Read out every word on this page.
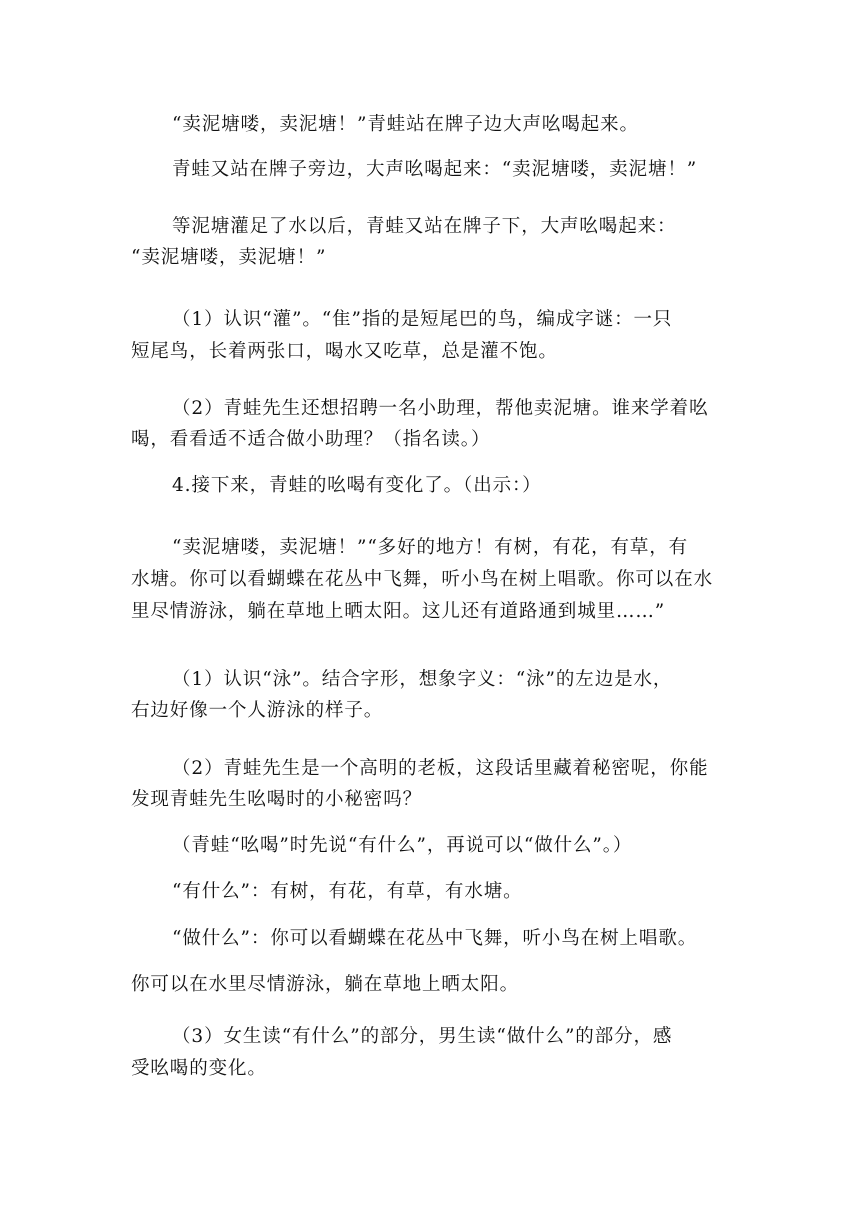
“卖泥塘喽，卖泥塘！”青蛙站在牌子边大声吆喝起来。
青蛙又站在牌子旁边，大声吆喝起来：“卖泥塘喽，卖泥塘！”
等泥塘灌足了水以后，青蛙又站在牌子下，大声吆喝起来：
“卖泥塘喽，卖泥塘！”
（1）认识“灌”。“隹”指的是短尾巴的鸟，编成字谜：一只
短尾鸟，长着两张口，喝水又吃草，总是灌不饱。
（2）青蛙先生还想招聘一名小助理，帮他卖泥塘。谁来学着吆
喝，看看适不适合做小助理？（指名读。）
4.接下来，青蛙的吆喝有变化了。（出示：）
“卖泥塘喽，卖泥塘！”“多好的地方！有树，有花，有草，有
水塘。你可以看蝴蝶在花丛中飞舞，听小鸟在树上唱歌。你可以在水
里尽情游泳，躺在草地上晒太阳。这儿还有道路通到城里……”
（1）认识“泳”。结合字形，想象字义：“泳”的左边是水，
右边好像一个人游泳的样子。
（2）青蛙先生是一个高明的老板，这段话里藏着秘密呢，你能
发现青蛙先生吆喝时的小秘密吗？
（青蛙“吆喝”时先说“有什么”，再说可以“做什么”。）
“有什么”：有树，有花，有草，有水塘。
“做什么”：你可以看蝴蝶在花丛中飞舞，听小鸟在树上唱歌。
你可以在水里尽情游泳，躺在草地上晒太阳。
（3）女生读“有什么”的部分，男生读“做什么”的部分，感
受吆喝的变化。
